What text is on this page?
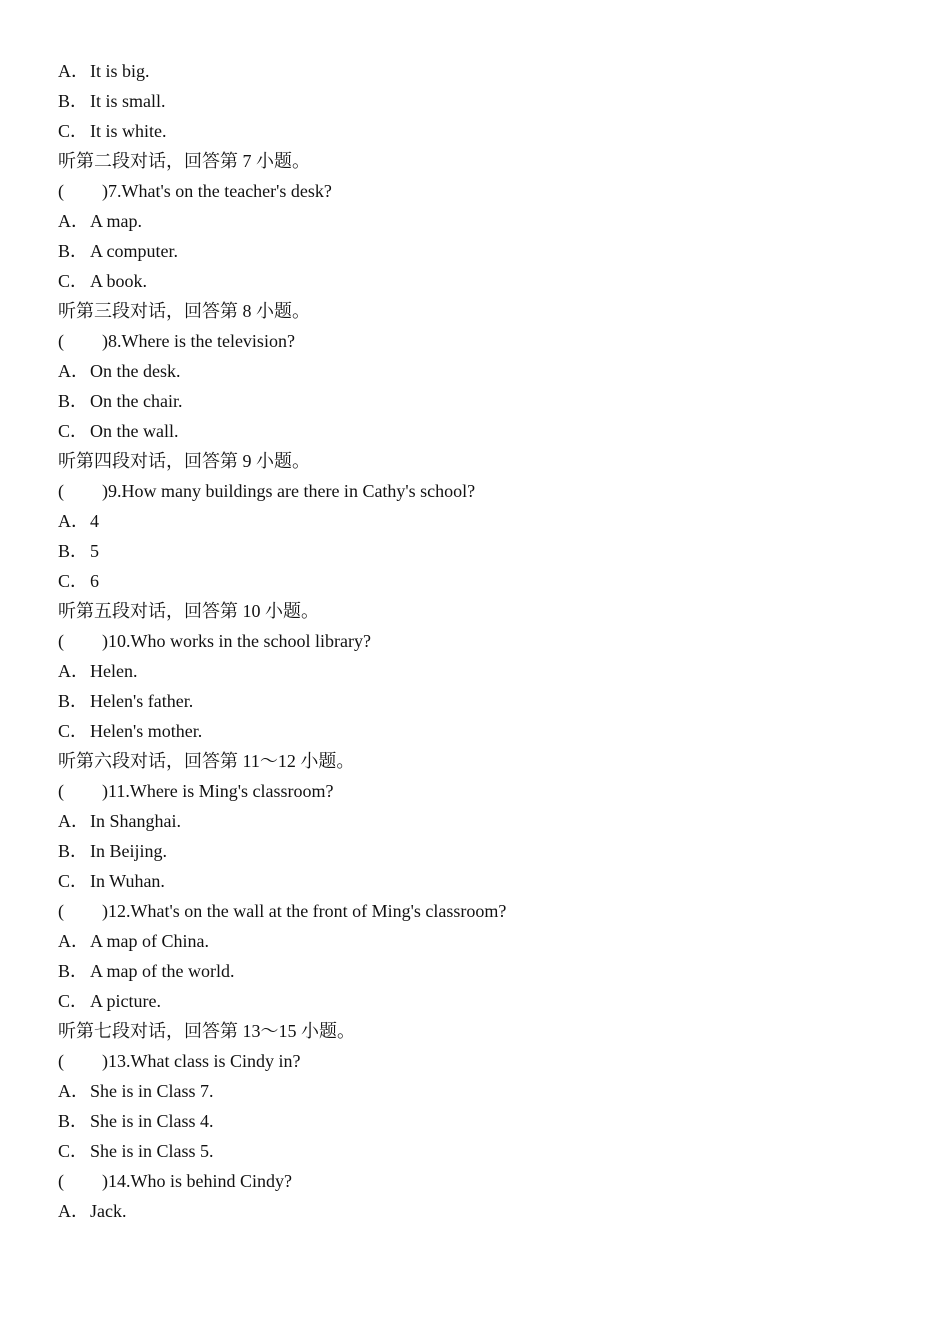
A．It is big.
B． It is small.
C． It is white.
听第二段对话，回答第 7 小题。
( )7.What's on the teacher's desk?
A．A map.
B． A computer.
C． A book.
听第三段对话，回答第 8 小题。
( )8.Where is the television?
A．On the desk.
B． On the chair.
C． On the wall.
听第四段对话，回答第 9 小题。
( )9.How many buildings are there in Cathy's school?
A．4
B． 5
C． 6
听第五段对话，回答第 10 小题。
( )10.Who works in the school library?
A．Helen.
B． Helen's father.
C． Helen's mother.
听第六段对话，回答第 11～12 小题。
( )11.Where is Ming's classroom?
A．In Shanghai.
B． In Beijing.
C． In Wuhan.
( )12.What's on the wall at the front of Ming's classroom?
A．A map of China.
B． A map of the world.
C． A picture.
听第七段对话，回答第 13～15 小题。
( )13.What class is Cindy in?
A．She is in Class 7.
B． She is in Class 4.
C． She is in Class 5.
( )14.Who is behind Cindy?
A．Jack.
